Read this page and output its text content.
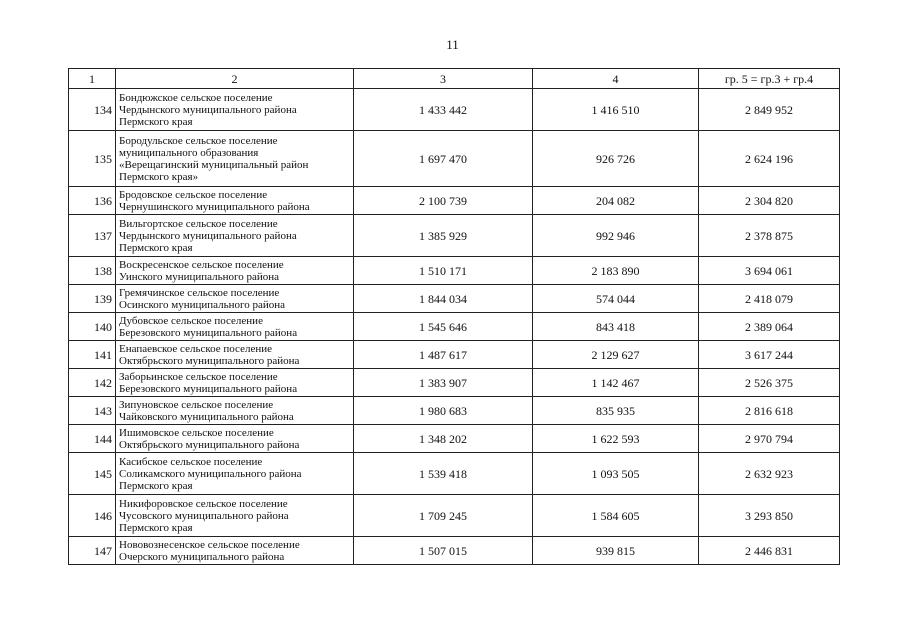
11
1	2	3	4	гр. 5 = гр.3 + гр.4
134	Бондюжское сельское поселение
Чердынского муниципального района
Пермского края	1 433 442	1 416 510	2 849 952
135	Бородульское сельское поселение
муниципального образования
«Верещагинский муниципальный район
Пермского края»	1 697 470	926 726	2 624 196
136	Бродовское сельское поселение
Чернушинского муниципального района	2 100 739	204 082	2 304 820
137	Вильгортское сельское поселение
Чердынского муниципального района
Пермского края	1 385 929	992 946	2 378 875
138	Воскресенское сельское поселение
Уинского муниципального района	1 510 171	2 183 890	3 694 061
139	Гремячинское сельское поселение
Осинского муниципального района	1 844 034	574 044	2 418 079
140	Дубовское сельское поселение
Березовского муниципального района	1 545 646	843 418	2 389 064
141	Енапаевское сельское поселение
Октябрьского муниципального района	1 487 617	2 129 627	3 617 244
142	Заборьинское сельское поселение
Березовского муниципального района	1 383 907	1 142 467	2 526 375
143	Зипуновское сельское поселение
Чайковского муниципального района	1 980 683	835 935	2 816 618
144	Ишимовское сельское поселение
Октябрьского муниципального района	1 348 202	1 622 593	2 970 794
145	Касибское сельское поселение
Соликамского муниципального района
Пермского края	1 539 418	1 093 505	2 632 923
146	Никифоровское сельское поселение
Чусовского муниципального района
Пермского края	1 709 245	1 584 605	3 293 850
147	Нововознесенское сельское поселение
Очерского муниципального района	1 507 015	939 815	2 446 831
